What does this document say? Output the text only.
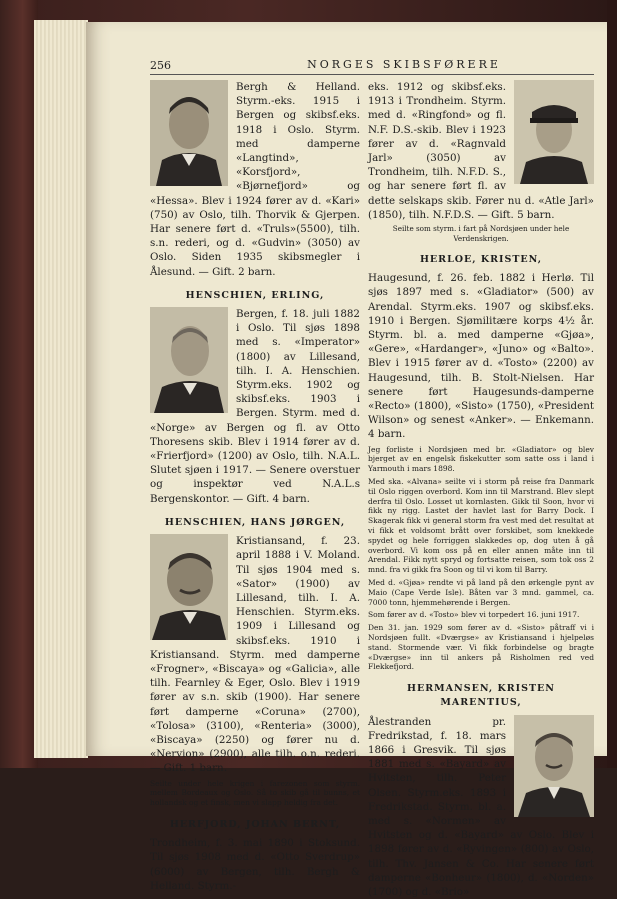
256	NORGES SKIBSFØRERE

Bergh & Helland. Styrm.-eks. 1915 i Bergen og skibsf.eks. 1918 i Oslo. Styrm. med damperne «Langtind», «Korsfjord», «Bjørnefjord» og «Hessa». Blev i 1924 fører av d. «Kari» (750) av Oslo, tilh. Thorvik & Gjerpen. Har senere ført d. «Truls»(5500), tilh. s.n. rederi, og d. «Gudvin» (3050) av Oslo. Siden 1935 skibsmegler i Ålesund. — Gift. 2 barn.

HENSCHIEN, ERLING,

Bergen, f. 18. juli 1882 i Oslo. Til sjøs 1898 med s. «Imperator» (1800) av Lillesand, tilh. I. A. Henschien. Styrm.eks. 1902 og skibsf.eks. 1903 i Bergen. Styrm. med d. «Norge» av Bergen og fl. av Otto Thoresens skib. Blev i 1914 fører av d. «Frierfjord» (1200) av Oslo, tilh. N.A.L. Slutet sjøen i 1917. — Senere overstuer og inspektør ved N.A.L.s Bergenskontor. — Gift. 4 barn.

HENSCHIEN, HANS JØRGEN,

Kristiansand, f. 23. april 1888 i V. Moland. Til sjøs 1904 med s. «Sator» (1900) av Lillesand, tilh. I. A. Henschien. Styrm.eks. 1909 i Lillesand og skibsf.eks. 1910 i Kristiansand. Styrm. med damperne «Frogner», «Biscaya» og «Galicia», alle tilh. Fearnley & Eger, Oslo. Blev i 1919 fører av s.n. skib (1900). Har senere ført damperne «Coruna» (2700), «Tolosa» (3100), «Renteria» (3000), «Biscaya» (2250) og fører nu d. «Nervion» (2900), alle tilh. o.n. rederi. — Gift. 1 barn.

Seilte under hele krigen i farezonen som styrm. mellem Bordeaux og Oslo. Så to skib gå til bunns, et hollandsk og et finsk, men vi slapp heldig fra det.

HERFJORD, JOHAN BERNT,

Trondheim, f. 3. mai 1890 i Stoksund. Til sjøs 1908 med d. «Otto Sverdrup» (6000) av Bergen, tilh. Bergh & Helland. Styrm.-

eks. 1912 og skibsf.eks. 1913 i Trondheim. Styrm. med d. «Ringfond» og fl. N.F. D.S.-skib. Blev i 1923 fører av d. «Ragnvald Jarl» (3050) av Trondheim, tilh. N.F.D. S., og har senere ført fl. av dette selskaps skib. Fører nu d. «Atle Jarl» (1850), tilh. N.F.D.S. — Gift. 5 barn.

Seilte som styrm. i fart på Nordsjøen under hele Verdenskrigen.
HERLOE, KRISTEN,

Haugesund, f. 26. feb. 1882 i Herlø. Til sjøs 1897 med s. «Gladiator» (500) av Arendal. Styrm.eks. 1907 og skibsf.eks. 1910 i Bergen. Sjømilitære korps 4½ år. Styrm. bl. a. med damperne «Gjøa», «Gere», «Hardanger», «Juno» og «Balto». Blev i 1915 fører av d. «Tosto» (2200) av Haugesund, tilh. B. Stolt-Nielsen. Har senere ført Haugesunds-damperne «Recto» (1800), «Sisto» (1750), «President Wilson» og senest «Anker». — Enkemann. 4 barn.

Jeg forliste i Nordsjøen med br. «Gladiator» og blev bjerget av en engelsk fiskekutter som satte oss i land i Yarmouth i mars 1898.

Med ska. «Alvana» seilte vi i storm på reise fra Danmark til Oslo riggen overbord. Kom inn til Marstrand. Blev slept derfra til Oslo. Losset ut kornlasten. Gikk til Soon, hvor vi fikk ny rigg. Lastet der havlet last for Barry Dock. I Skagerak fikk vi general storm fra vest med det resultat at vi fikk et voldsomt brått over forskibet, som knekkede spydet og hele forriggen slakkedes op, dog uten å gå overbord. Vi kom oss på en eller annen måte inn til Arendal. Fikk nytt spryd og fortsatte reisen, som tok oss 2 mnd. fra vi gikk fra Soon og til vi kom til Barry.

Med d. «Gjøa» rendte vi på land på den ørkengle pynt av Maio (Cape Verde Isle). Båten var 3 mnd. gammel, ca. 7000 tonn, hjemmehørende i Bergen.

Som fører av d. «Tosto» blev vi torpedert 16. juni 1917.

Den 31. jan. 1929 som fører av d. «Sisto» påtraff vi i Nordsjøen fullt. «Dværgse» av Kristiansand i hjelpeløs stand. Stormende vær. Vi fikk forbindelse og bragte «Dværgse» inn til ankers på Risholmen red ved Flekkefjord.

HERMANSEN, KRISTEN MARENTIUS,

Ålestranden pr. Fredrikstad, f. 18. mars 1866 i Gresvik. Til sjøs 1881 med s. «Bayard» av Hvitsten, tilh. Peter Olsen. Styrm.eks. 1893 i Fredrikstad. Styrm. bl. a. med s. «Normen» av Hvitsten og d. «Bayard» av Oslo. Blev i 1898 fører av d. «Ryvingen» (800) av Oslo, tilh. Thv. Jansen & Co. Har senere ført damperne «Bonheur» (1800), d. «Norden» (1700) og d. «Brio»
